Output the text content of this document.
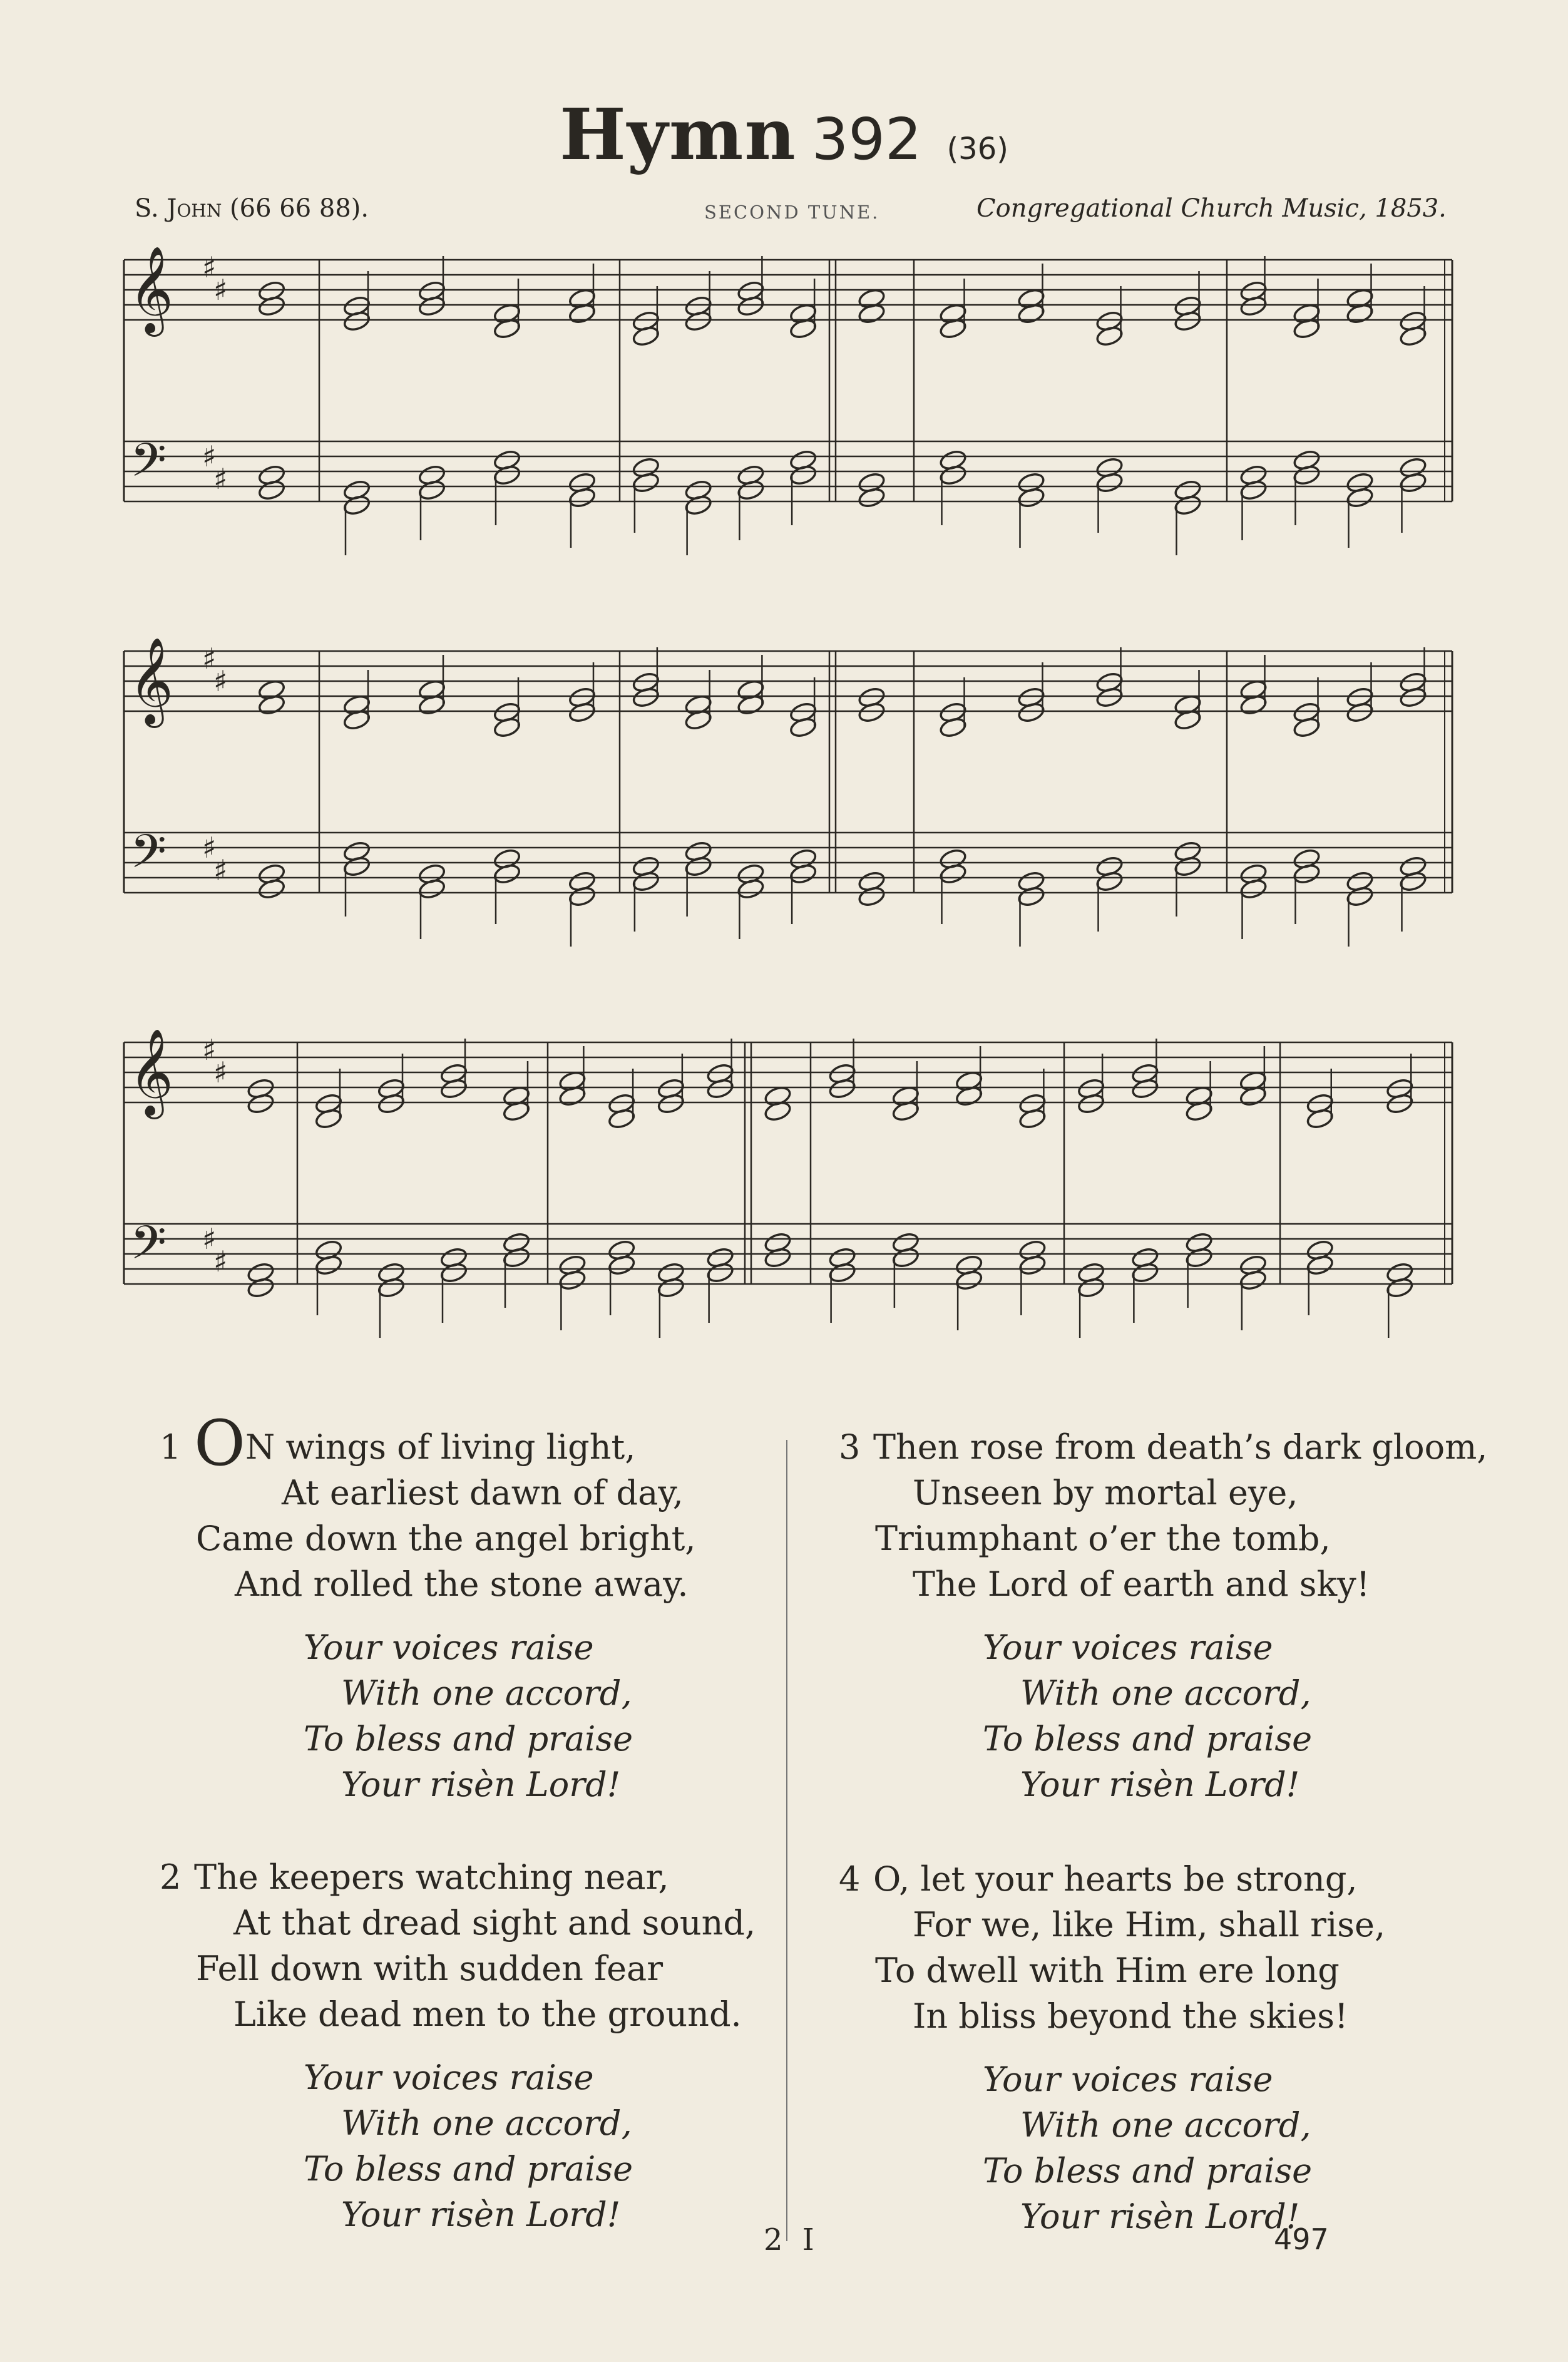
Hymn 392 (36)
S. John (66 66 88).	SECOND TUNE.	Congregational Church Music, 1853.
𝄞
𝄢
♯
♯
♯
♯
𝄞
𝄢
♯
♯
♯
♯
𝄞
𝄢
♯
♯
♯
♯
1 ON wings of living light,
At earliest dawn of day,
Came down the angel bright,
And rolled the stone away.
Your voices raise
With one accord,
To bless and praise
Your risèn Lord!
2 The keepers watching near,
At that dread sight and sound,
Fell down with sudden fear
Like dead men to the ground.
Your voices raise
With one accord,
To bless and praise
Your risèn Lord!
3 Then rose from death’s dark gloom,
Unseen by mortal eye,
Triumphant o’er the tomb,
The Lord of earth and sky!
Your voices raise
With one accord,
To bless and praise
Your risèn Lord!
4 O, let your hearts be strong,
For we, like Him, shall rise,
To dwell with Him ere long
In bliss beyond the skies!
Your voices raise
With one accord,
To bless and praise
Your risèn Lord!
2 I	497
